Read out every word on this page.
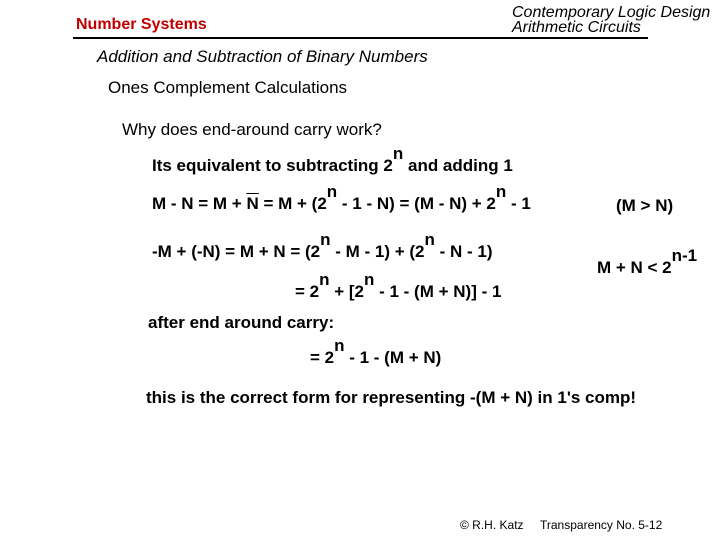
Number Systems
Contemporary Logic Design
Arithmetic Circuits
Addition and Subtraction of Binary Numbers
Ones Complement Calculations
Why does end-around carry work?
Its equivalent to subtracting 2n and adding 1
$M - N = M + \overline{N} = M + (2n - 1 - N) = (M - N) + 2n - 1$	(M > N)
-M + (-N) = M + N = (2n - M - 1) + (2n - N - 1)
M + N < 2n-1
= 2n + [2n - 1 - (M + N)] - 1
after end around carry:
= 2n - 1 - (M + N)
this is the correct form for representing -(M + N) in 1's comp!
© R.H. Katz Transparency No. 5-12
